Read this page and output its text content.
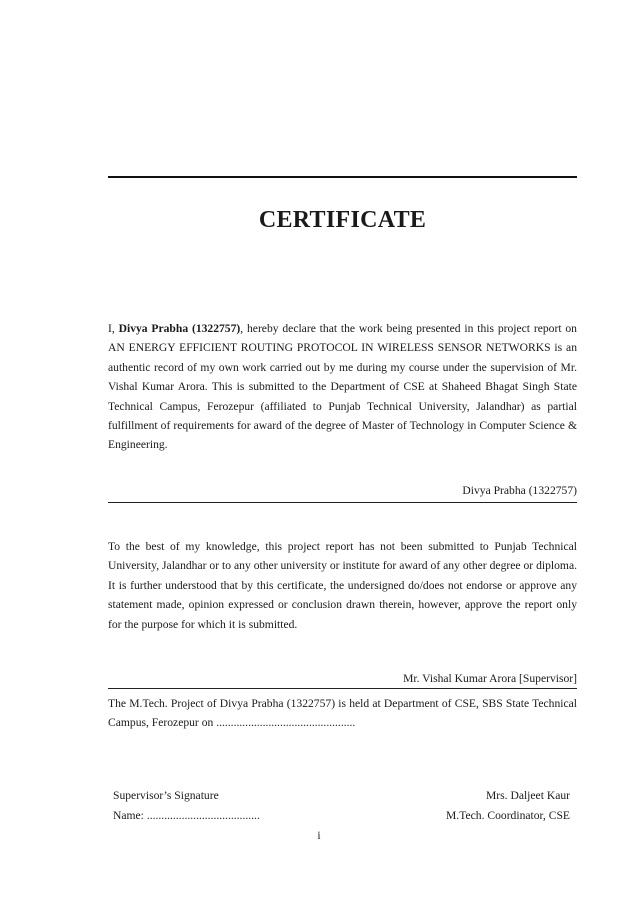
CERTIFICATE

I, Divya Prabha (1322757), hereby declare that the work being presented in this project report on AN ENERGY EFFICIENT ROUTING PROTOCOL IN WIRELESS SENSOR NETWORKS is an authentic record of my own work carried out by me during my course under the supervision of Mr. Vishal Kumar Arora. This is submitted to the Department of CSE at Shaheed Bhagat Singh State Technical Campus, Ferozepur (affiliated to Punjab Technical University, Jalandhar) as partial fulfillment of requirements for award of the degree of Master of Technology in Computer Science & Engineering.

Divya Prabha (1322757)

To the best of my knowledge, this project report has not been submitted to Punjab Technical University, Jalandhar or to any other university or institute for award of any other degree or diploma. It is further understood that by this certificate, the undersigned do/does not endorse or approve any statement made, opinion expressed or conclusion drawn therein, however, approve the report only for the purpose for which it is submitted.

Mr. Vishal Kumar Arora [Supervisor]

The M.Tech. Project of Divya Prabha (1322757) is held at Department of CSE, SBS State Technical Campus, Ferozepur on ................................................

Supervisor’s Signature
Name: .......................................
Mrs. Daljeet Kaur
M.Tech. Coordinator, CSE
i
